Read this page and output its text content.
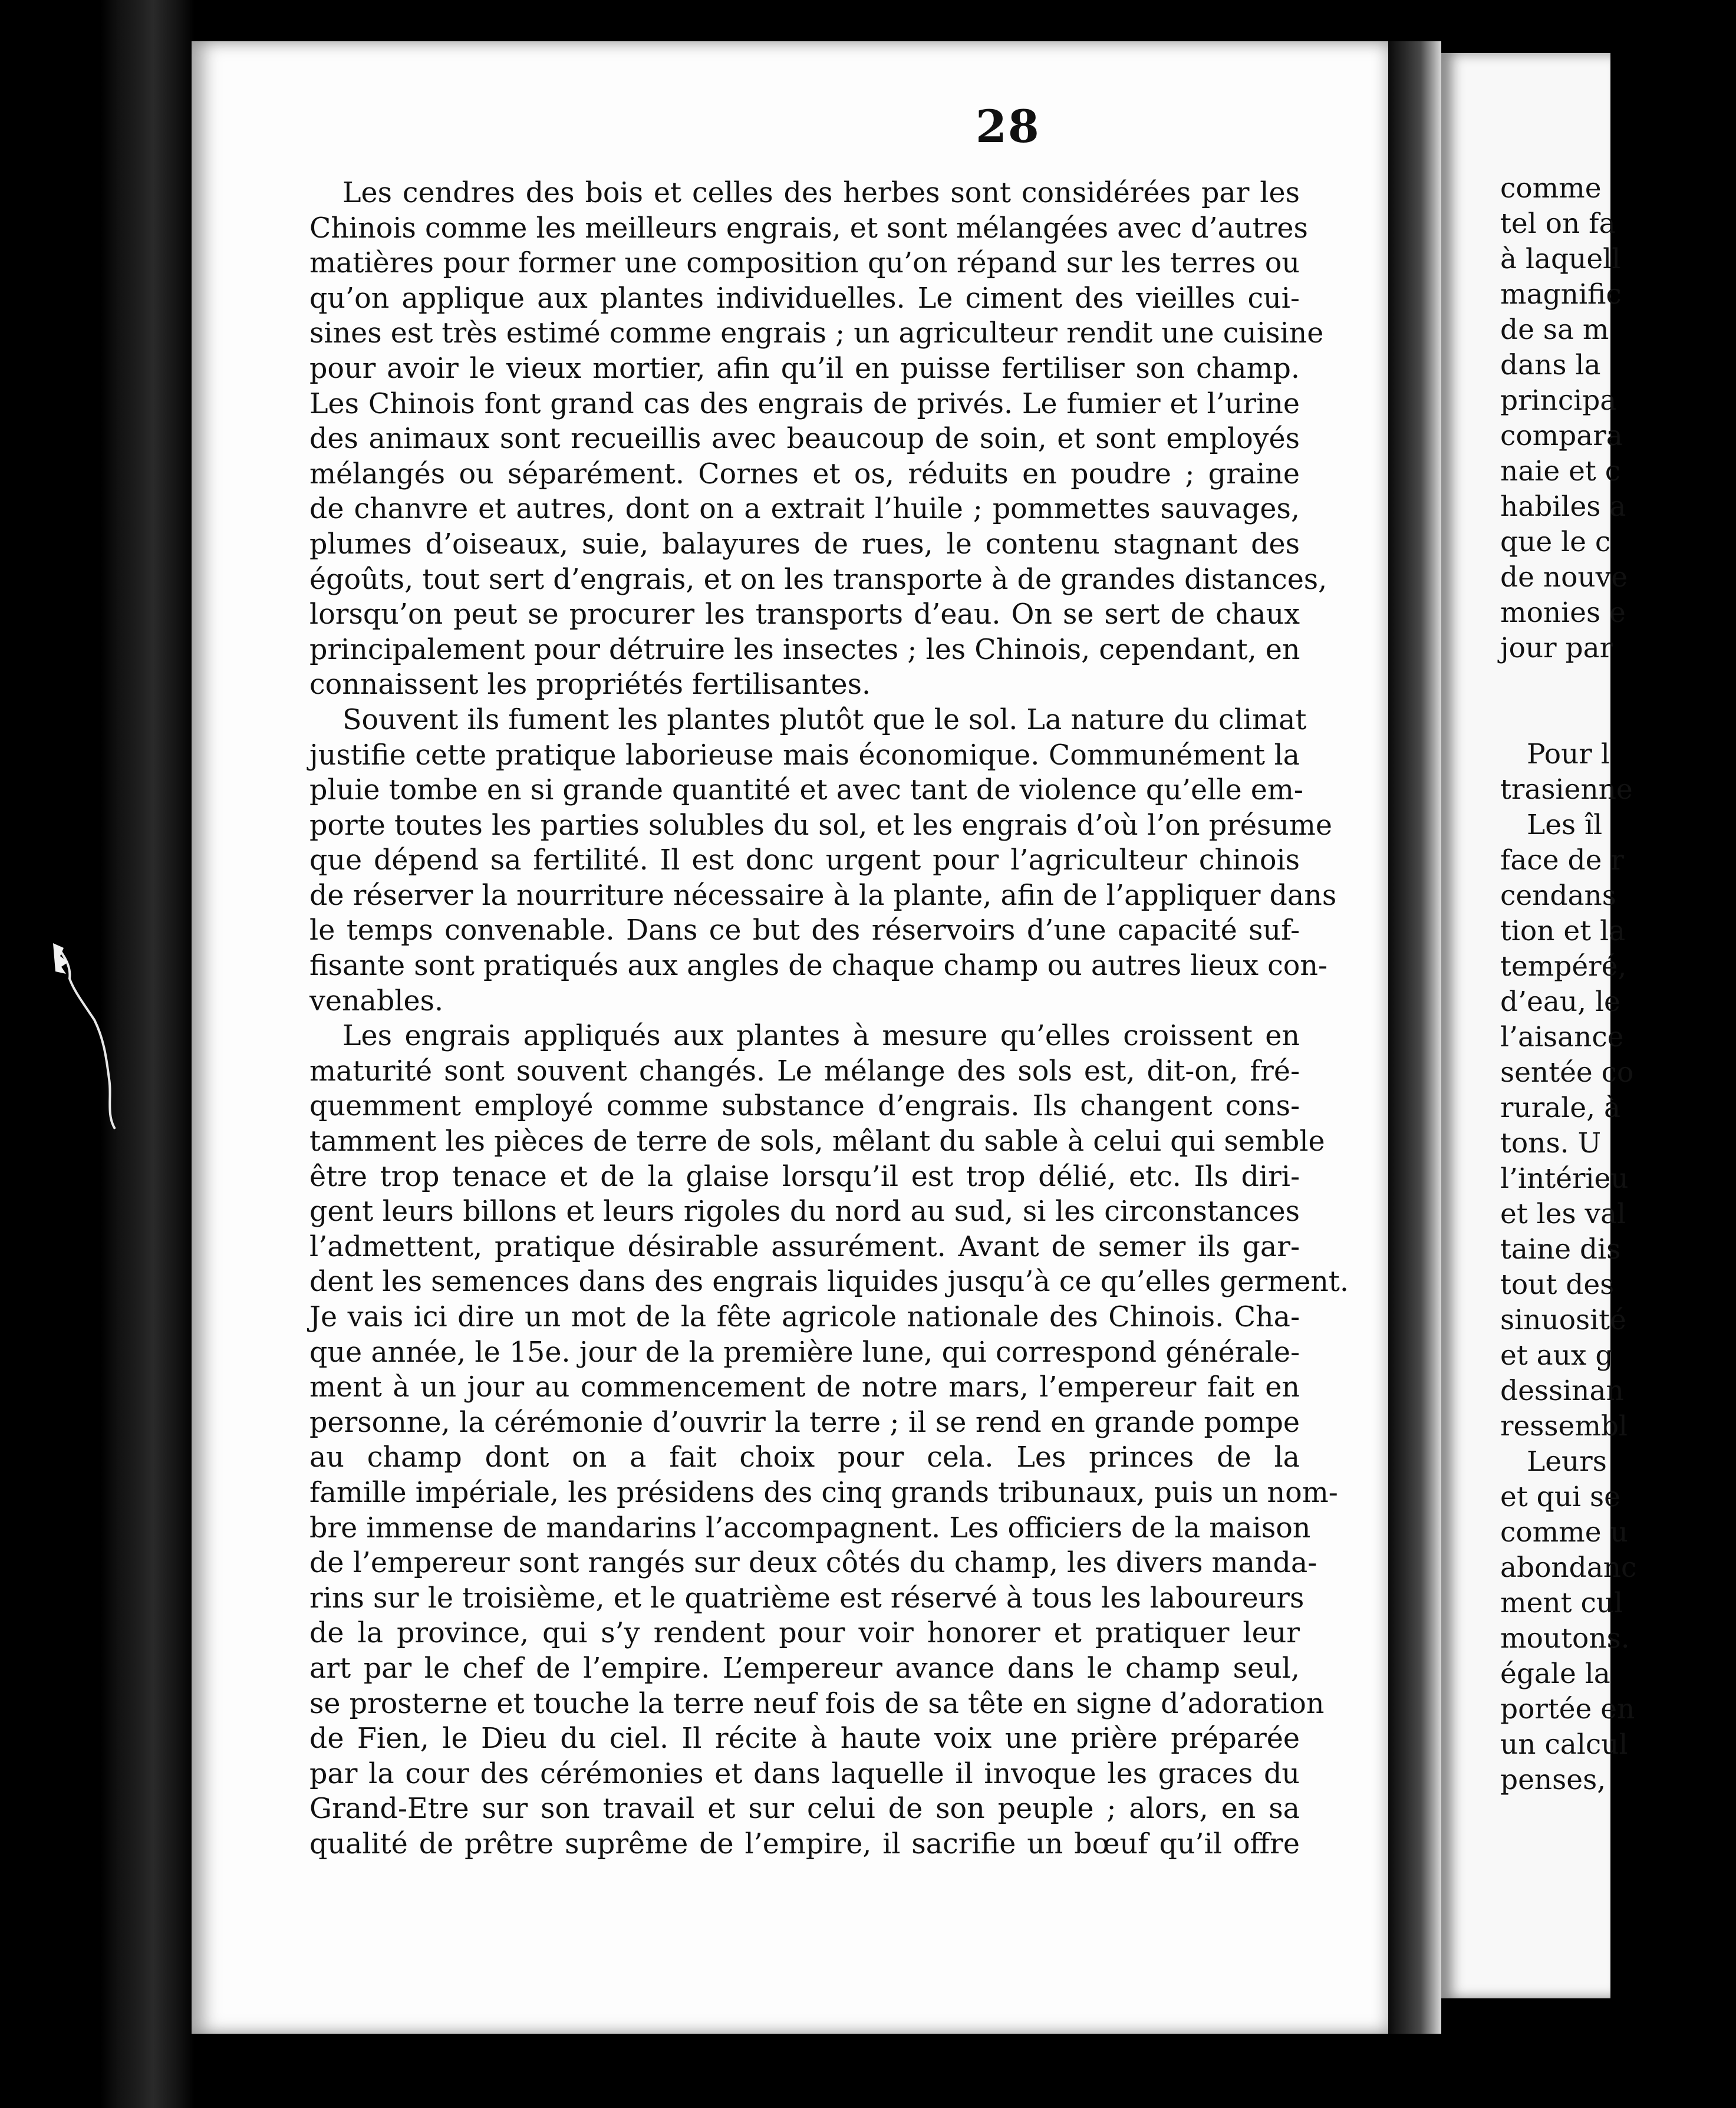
28
Les cendres des bois et celles des herbes sont considérées par les
Chinois comme les meilleurs engrais, et sont mélangées avec d’autres
matières pour former une composition qu’on répand sur les terres ou
qu’on applique aux plantes individuelles. Le ciment des vieilles cui-
sines est très estimé comme engrais ; un agriculteur rendit une cuisine
pour avoir le vieux mortier, afin qu’il en puisse fertiliser son champ.
Les Chinois font grand cas des engrais de privés. Le fumier et l’urine
des animaux sont recueillis avec beaucoup de soin, et sont employés
mélangés ou séparément. Cornes et os, réduits en poudre ; graine
de chanvre et autres, dont on a extrait l’huile ; pommettes sauvages,
plumes d’oiseaux, suie, balayures de rues, le contenu stagnant des
égoûts, tout sert d’engrais, et on les transporte à de grandes distances,
lorsqu’on peut se procurer les transports d’eau. On se sert de chaux
principalement pour détruire les insectes ; les Chinois, cependant, en
connaissent les propriétés fertilisantes.
Souvent ils fument les plantes plutôt que le sol. La nature du climat
justifie cette pratique laborieuse mais économique. Communément la
pluie tombe en si grande quantité et avec tant de violence qu’elle em-
porte toutes les parties solubles du sol, et les engrais d’où l’on présume
que dépend sa fertilité. Il est donc urgent pour l’agriculteur chinois
de réserver la nourriture nécessaire à la plante, afin de l’appliquer dans
le temps convenable. Dans ce but des réservoirs d’une capacité suf-
fisante sont pratiqués aux angles de chaque champ ou autres lieux con-
venables.
Les engrais appliqués aux plantes à mesure qu’elles croissent en
maturité sont souvent changés. Le mélange des sols est, dit-on, fré-
quemment employé comme substance d’engrais. Ils changent cons-
tamment les pièces de terre de sols, mêlant du sable à celui qui semble
être trop tenace et de la glaise lorsqu’il est trop délié, etc. Ils diri-
gent leurs billons et leurs rigoles du nord au sud, si les circonstances
l’admettent, pratique désirable assurément. Avant de semer ils gar-
dent les semences dans des engrais liquides jusqu’à ce qu’elles germent.
Je vais ici dire un mot de la fête agricole nationale des Chinois. Cha-
que année, le 15e. jour de la première lune, qui correspond générale-
ment à un jour au commencement de notre mars, l’empereur fait en
personne, la cérémonie d’ouvrir la terre ; il se rend en grande pompe
au champ dont on a fait choix pour cela. Les princes de la
famille impériale, les présidens des cinq grands tribunaux, puis un nom-
bre immense de mandarins l’accompagnent. Les officiers de la maison
de l’empereur sont rangés sur deux côtés du champ, les divers manda-
rins sur le troisième, et le quatrième est réservé à tous les laboureurs
de la province, qui s’y rendent pour voir honorer et pratiquer leur
art par le chef de l’empire. L’empereur avance dans le champ seul,
se prosterne et touche la terre neuf fois de sa tête en signe d’adoration
de Fien, le Dieu du ciel. Il récite à haute voix une prière préparée
par la cour des cérémonies et dans laquelle il invoque les graces du
Grand-Etre sur son travail et sur celui de son peuple ; alors, en sa
qualité de prêtre suprême de l’empire, il sacrifie un bœuf qu’il offre
comme
tel on fa
à laquell
magnific
de sa m
dans la
principa
compara
naie et c
habiles a
que le c
de nouve
monies e
jour par
Pour l
trasienne
Les îl
face de r
cendans
tion et la
tempéré,
d’eau, le
l’aisance
sentée co
rurale, à
tons. U
l’intérieu
et les val
taine dis
tout des
sinuosité
et aux g
dessinan
ressembl
Leurs
et qui se
comme u
abondanc
ment cul
moutons.
égale la
portée en
un calcul
penses,
